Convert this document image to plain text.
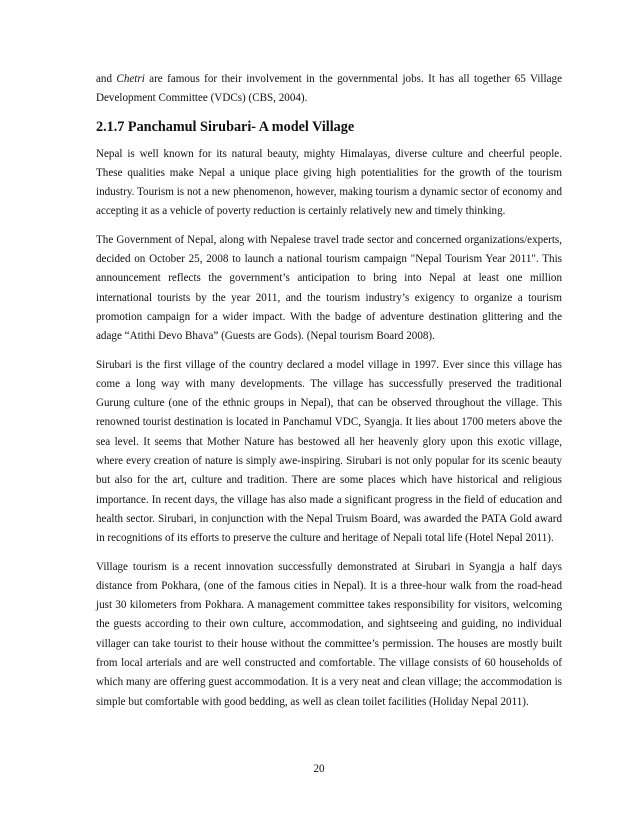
and Chetri are famous for their involvement in the governmental jobs. It has all together 65 Village Development Committee (VDCs) (CBS, 2004).

2.1.7 Panchamul Sirubari- A model Village

Nepal is well known for its natural beauty, mighty Himalayas, diverse culture and cheerful people. These qualities make Nepal a unique place giving high potentialities for the growth of the tourism industry. Tourism is not a new phenomenon, however, making tourism a dynamic sector of economy and accepting it as a vehicle of poverty reduction is certainly relatively new and timely thinking.

The Government of Nepal, along with Nepalese travel trade sector and concerned organizations/experts, decided on October 25, 2008 to launch a national tourism campaign "Nepal Tourism Year 2011". This announcement reflects the government’s anticipation to bring into Nepal at least one million international tourists by the year 2011, and the tourism industry’s exigency to organize a tourism promotion campaign for a wider impact. With the badge of adventure destination glittering and the adage “Atithi Devo Bhava” (Guests are Gods). (Nepal tourism Board 2008).

Sirubari is the first village of the country declared a model village in 1997. Ever since this village has come a long way with many developments. The village has successfully preserved the traditional Gurung culture (one of the ethnic groups in Nepal), that can be observed throughout the village. This renowned tourist destination is located in Panchamul VDC, Syangja. It lies about 1700 meters above the sea level. It seems that Mother Nature has bestowed all her heavenly glory upon this exotic village, where every creation of nature is simply awe-inspiring. Sirubari is not only popular for its scenic beauty but also for the art, culture and tradition. There are some places which have historical and religious importance. In recent days, the village has also made a significant progress in the field of education and health sector. Sirubari, in conjunction with the Nepal Truism Board, was awarded the PATA Gold award in recognitions of its efforts to preserve the culture and heritage of Nepali total life (Hotel Nepal 2011).

Village tourism is a recent innovation successfully demonstrated at Sirubari in Syangja a half days distance from Pokhara, (one of the famous cities in Nepal). It is a three-hour walk from the road-head just 30 kilometers from Pokhara. A management committee takes responsibility for visitors, welcoming the guests according to their own culture, accommodation, and sightseeing and guiding, no individual villager can take tourist to their house without the committee’s permission. The houses are mostly built from local arterials and are well constructed and comfortable. The village consists of 60 households of which many are offering guest accommodation. It is a very neat and clean village; the accommodation is simple but comfortable with good bedding, as well as clean toilet facilities (Holiday Nepal 2011).

20
